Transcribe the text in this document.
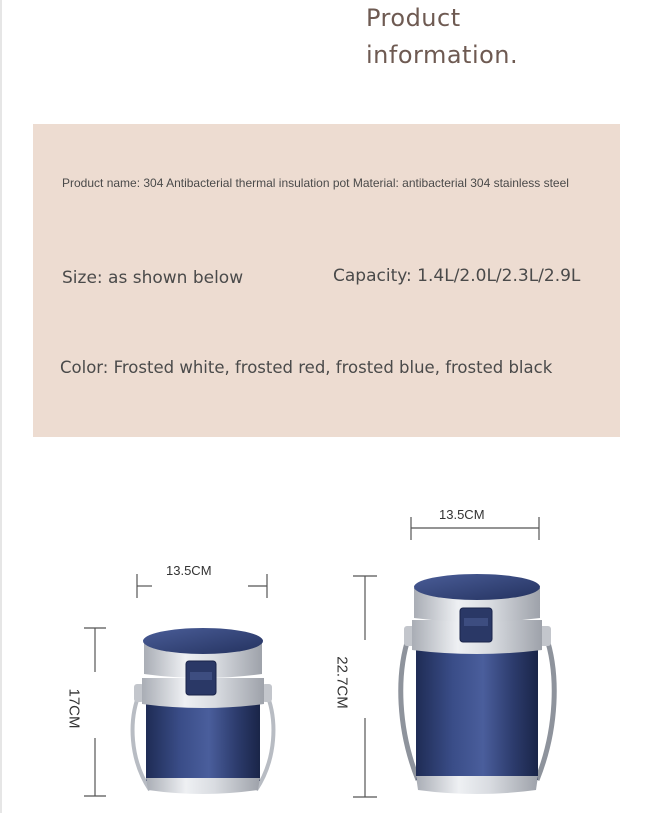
Product
information.
Product name: 304 Antibacterial thermal insulation pot Material: antibacterial 304 stainless steel
Size: as shown below	Capacity: 1.4L/2.0L/2.3L/2.9L
Color: Frosted white, frosted red, frosted blue, frosted black
13.5CM
13.5CM
17CM	22.7CM
